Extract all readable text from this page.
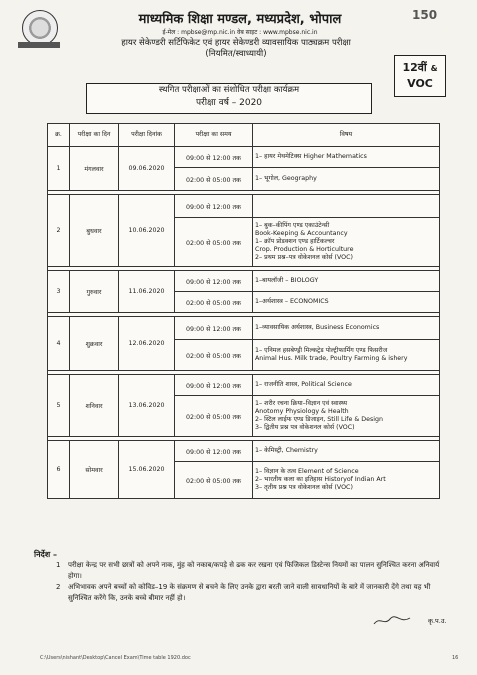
150
माध्यमिक शिक्षा मण्डल, मध्यप्रदेश, भोपाल
ई-मेल : mpbse@mp.nic.in वेब साइट : www.mpbse.nic.in
हायर सेकेण्डरी सर्टिफिकेट एवं हायर सेकेण्डरी व्यावसायिक पाठ्यक्रम परीक्षा
(नियमित/स्वाध्यायी)
12वीं &
VOC
स्थगित परीक्षाओं का संशोधित परीक्षा कार्यक्रम
परीक्षा वर्ष – 2020
क्र.	परीक्षा का दिन	परीक्षा दिनांक	परीक्षा का समय	विषय
1	मंगलवार	09.06.2020	09:00 से 12:00 तक	1– हायर मेथमेटिक्स Higher Mathematics

			02:00 से 05:00 तक	1– भूगोल, Geography

2	बुधवार	10.06.2020	09:00 से 12:00 तक	
			02:00 से 05:00 तक	1– बुक–कीपिंग एण्ड एकाउंटेन्सी
Book-Keeping & Accountancy
1– क्रॉप प्रोडक्शन एण्ड हार्टिकल्चर
Crop. Production & Horticulture
2– प्रथम प्रश्न–पत्र वोकेशनल कोर्स (VOC)

3	गुरुवार	11.06.2020	09:00 से 12:00 तक	1–बायलॉजी – BIOLOGY

			02:00 से 05:00 तक	1–अर्थशास्त्र – ECONOMICS

4	शुक्रवार	12.06.2020	09:00 से 12:00 तक	1–व्यावसायिक अर्थशास्त्र, Business Economics

			02:00 से 05:00 तक	1– एनिमल हसबेण्ड्री मिल्कट्रेड पोल्ट्रीफार्मिंग एण्ड फिसरीज
Animal Hus. Milk trade, Poultry Farming & ishery

5	शनिवार	13.06.2020	09:00 से 12:00 तक	1– राजनीति शास्त्र, Political Science

			02:00 से 05:00 तक	1– शरीर रचना क्रिया–विज्ञान एवं स्वास्थ्य
Anotomy Physiology & Health
2– स्टिल लाईफ एण्ड डिजाइन, Still Life & Design
3– द्वितीय प्रश्न पत्र वोकेशनल कोर्स (VOC)

6	सोमवार	15.06.2020	09:00 से 12:00 तक	1– केमिस्ट्री, Chemistry

			02:00 से 05:00 तक	1– विज्ञान के तत्व Element of Science
2– भारतीय कला का इतिहास Historyof Indian Art
3– तृतीय प्रश्न पत्र वोकेशनल कोर्स (VOC)
निर्देश –
1 परीक्षा केन्द्र पर सभी छात्रों को अपने नाक, मुंह को नकाब/कपड़े से ढक कर रखना एवं फिजिकल डिस्टेन्स नियमों का पालन सुनिश्चित करना अनिवार्य होगा।
2 अभिभावक अपने बच्चों को कोविड–19 के संक्रमण से बचने के लिए उनके द्वारा बरती जाने वाली सावधानियों के बारे में जानकारी देंगे तथा यह भी सुनिश्चित करेंगे कि, उनके बच्चे बीमार नहीं हो।
कृ.प.उ.
C:\Users\nishant\Desktop\Cancel Exam\Time table 1920.doc	16
